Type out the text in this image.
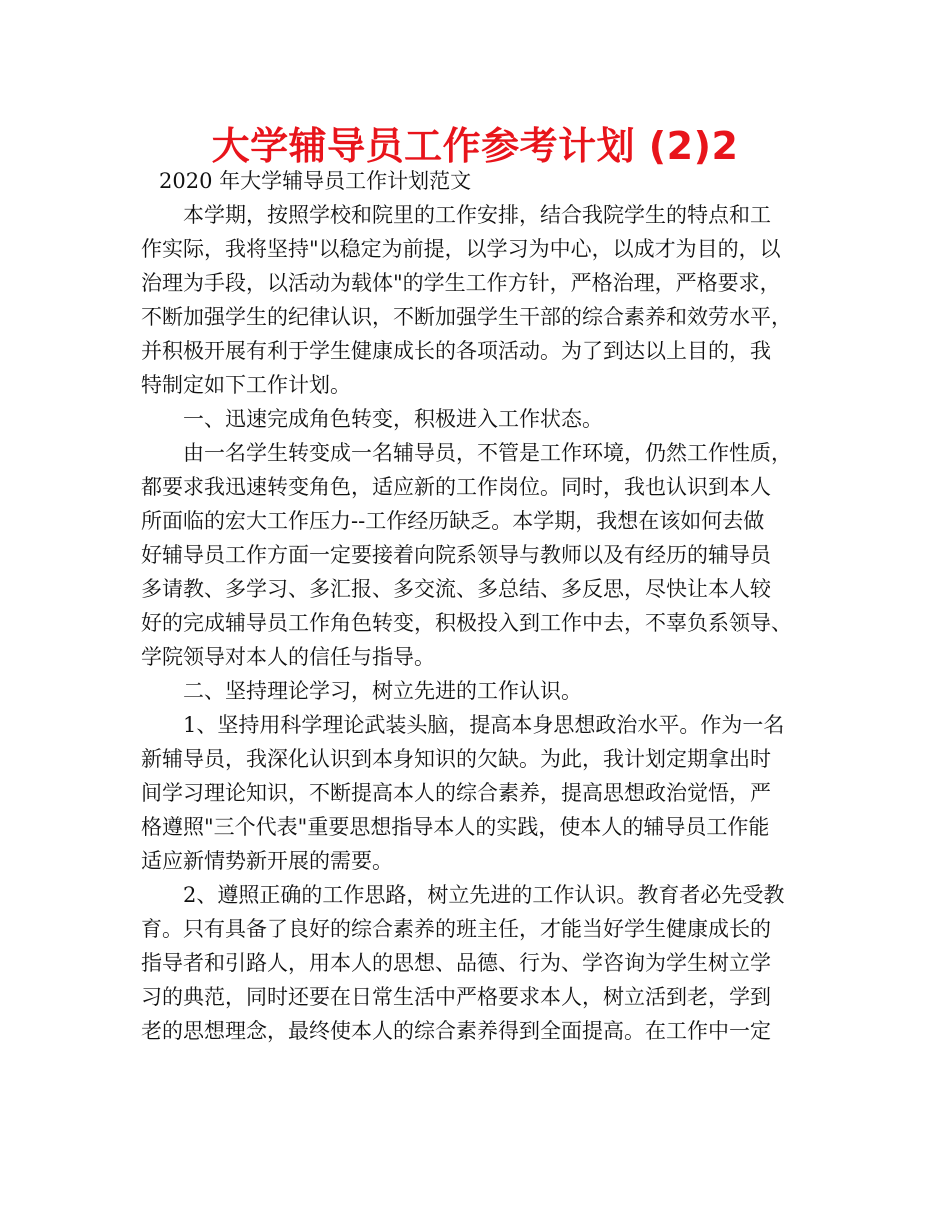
大学辅导员工作参考计划 (2)2
2020 年大学辅导员工作计划范文
本学期，按照学校和院里的工作安排，结合我院学生的特点和工
作实际，我将坚持"以稳定为前提，以学习为中心，以成才为目的，以
治理为手段，以活动为载体"的学生工作方针，严格治理，严格要求，
不断加强学生的纪律认识，不断加强学生干部的综合素养和效劳水平，
并积极开展有利于学生健康成长的各项活动。为了到达以上目的，我
特制定如下工作计划。
一、迅速完成角色转变，积极进入工作状态。
由一名学生转变成一名辅导员，不管是工作环境，仍然工作性质，
都要求我迅速转变角色，适应新的工作岗位。同时，我也认识到本人
所面临的宏大工作压力--工作经历缺乏。本学期，我想在该如何去做
好辅导员工作方面一定要接着向院系领导与教师以及有经历的辅导员
多请教、多学习、多汇报、多交流、多总结、多反思，尽快让本人较
好的完成辅导员工作角色转变，积极投入到工作中去，不辜负系领导、
学院领导对本人的信任与指导。
二、坚持理论学习，树立先进的工作认识。
1、坚持用科学理论武装头脑，提高本身思想政治水平。作为一名
新辅导员，我深化认识到本身知识的欠缺。为此，我计划定期拿出时
间学习理论知识，不断提高本人的综合素养，提高思想政治觉悟，严
格遵照"三个代表"重要思想指导本人的实践，使本人的辅导员工作能
适应新情势新开展的需要。
2、遵照正确的工作思路，树立先进的工作认识。教育者必先受教
育。只有具备了良好的综合素养的班主任，才能当好学生健康成长的
指导者和引路人，用本人的思想、品德、行为、学咨询为学生树立学
习的典范，同时还要在日常生活中严格要求本人，树立活到老，学到
老的思想理念，最终使本人的综合素养得到全面提高。在工作中一定
